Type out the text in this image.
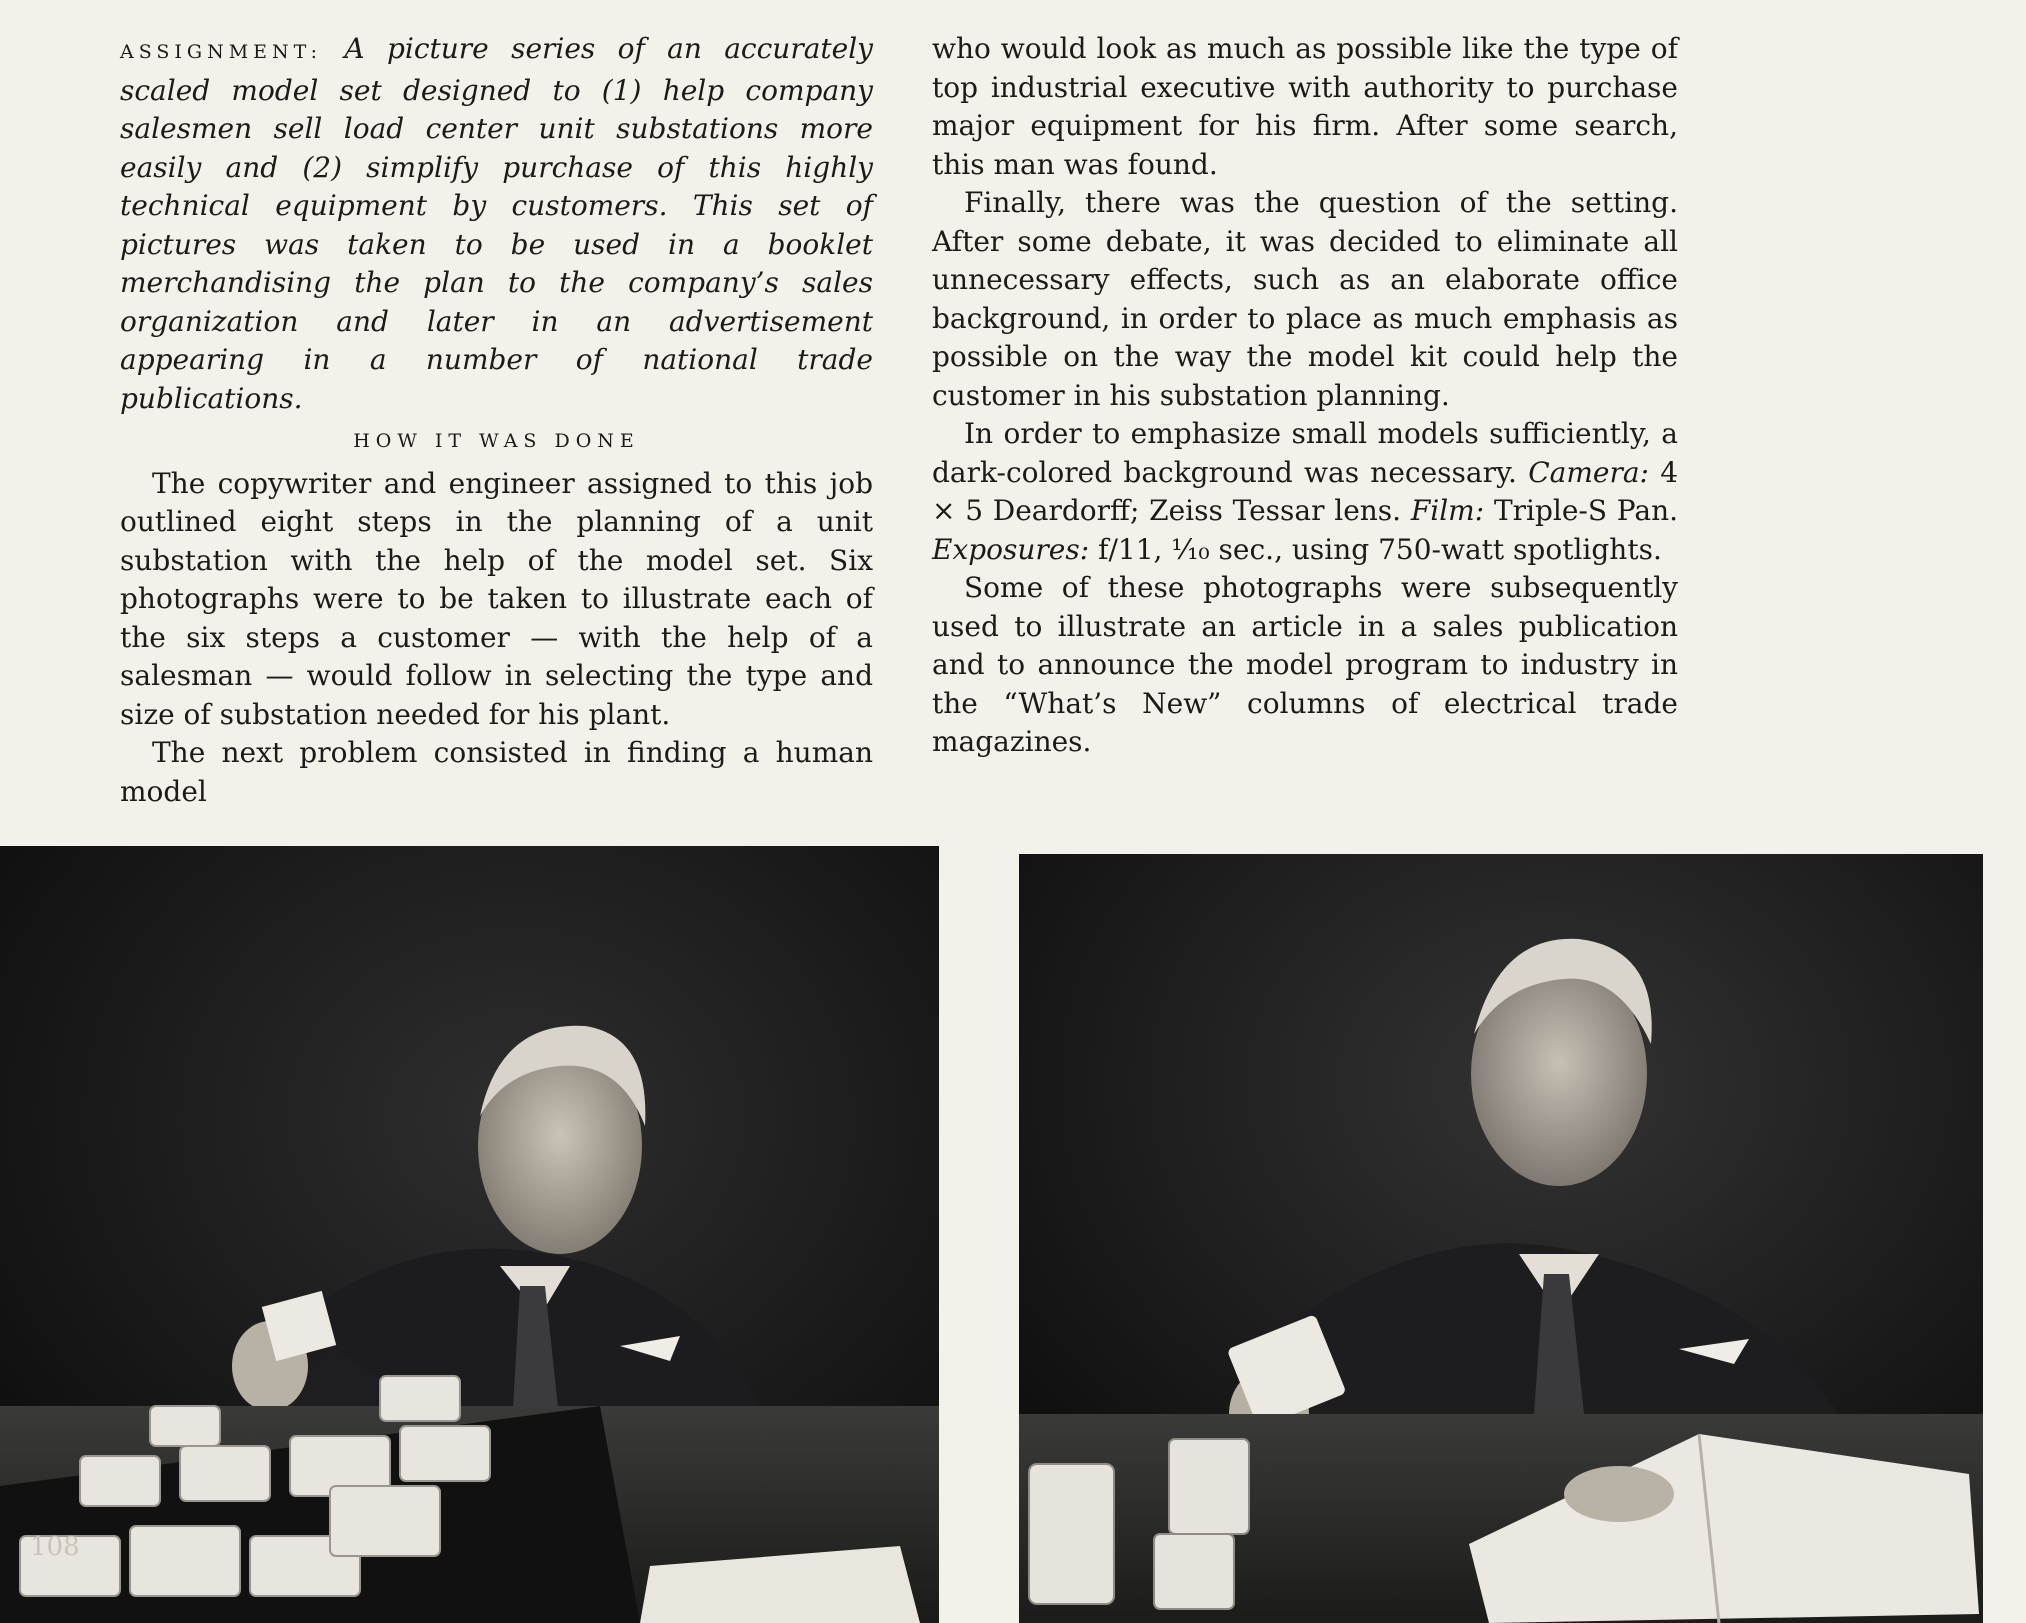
ASSIGNMENT: A picture series of an accurately scaled model set designed to (1) help company salesmen sell load center unit substations more easily and (2) simplify purchase of this highly technical equipment by customers. This set of pictures was taken to be used in a booklet merchandising the plan to the company’s sales organization and later in an advertisement appearing in a number of national trade publications.

HOW IT WAS DONE

The copywriter and engineer assigned to this job outlined eight steps in the planning of a unit substation with the help of the model set. Six photographs were to be taken to illustrate each of the six steps a customer — with the help of a salesman — would follow in selecting the type and size of substation needed for his plant.

The next problem consisted in finding a human model

who would look as much as possible like the type of top industrial executive with authority to purchase major equipment for his firm. After some search, this man was found.

Finally, there was the question of the setting. After some debate, it was decided to eliminate all unnecessary effects, such as an elaborate office background, in order to place as much emphasis as possible on the way the model kit could help the customer in his substation planning.

In order to emphasize small models sufficiently, a dark-colored background was necessary. Camera: 4 × 5 Deardorff; Zeiss Tessar lens. Film: Triple-S Pan. Exposures: f/11, ¹⁄₁₀ sec., using 750-watt spotlights.

Some of these photographs were subsequently used to illustrate an article in a sales publication and to announce the model program to industry in the “What’s New” columns of electrical trade magazines.

108
